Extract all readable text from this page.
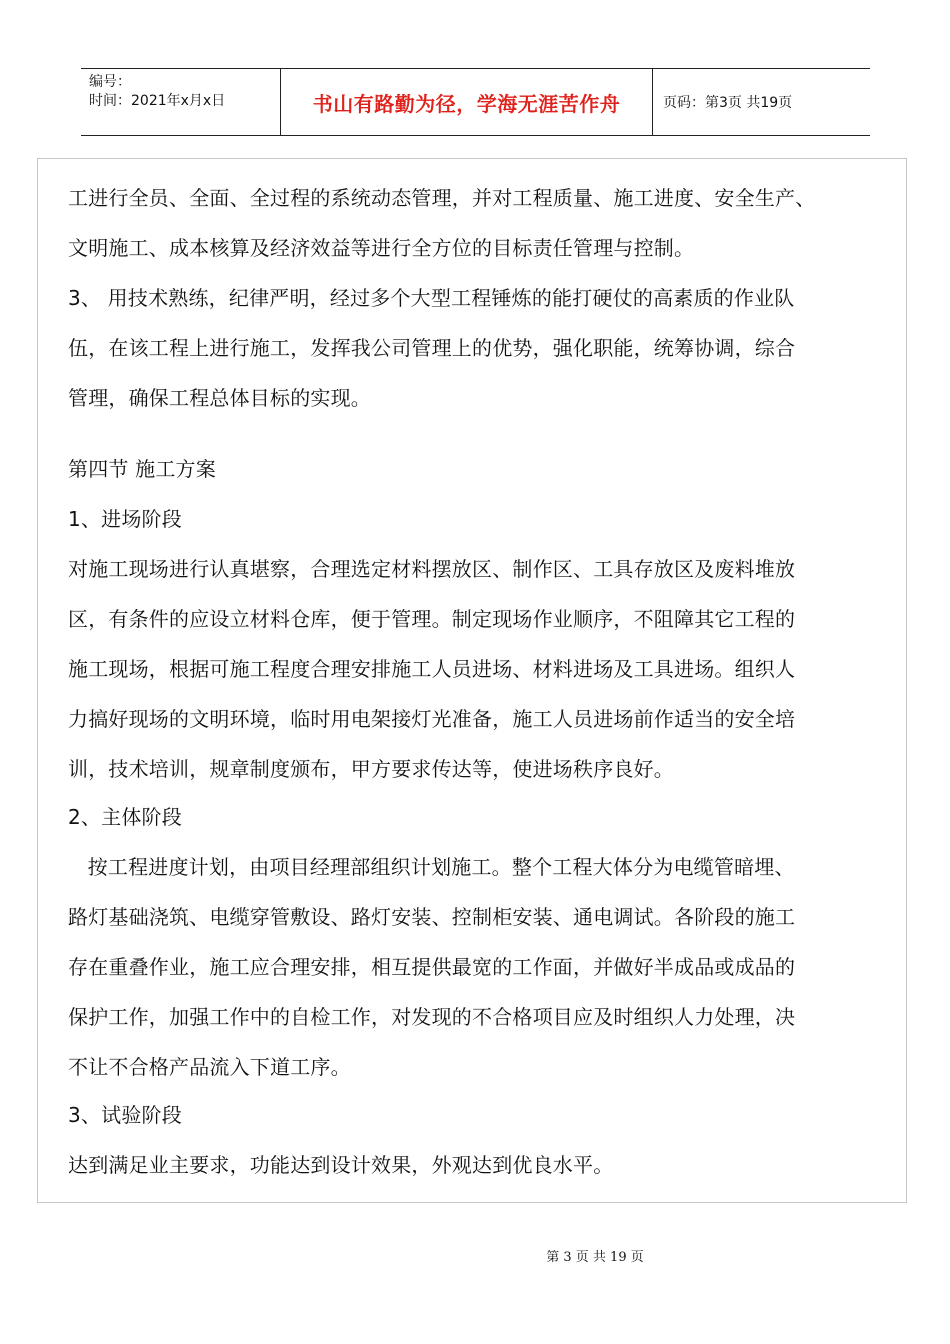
编号：
时间：2021年x月x日	书山有路勤为径，学海无涯苦作舟	页码：第3页 共19页
工进行全员、全面、全过程的系统动态管理，并对工程质量、施工进度、安全生产、
文明施工、成本核算及经济效益等进行全方位的目标责任管理与控制。
3、 用技术熟练，纪律严明，经过多个大型工程锤炼的能打硬仗的高素质的作业队
伍，在该工程上进行施工，发挥我公司管理上的优势，强化职能，统筹协调，综合
管理，确保工程总体目标的实现。
第四节 施工方案
1、进场阶段
对施工现场进行认真堪察，合理选定材料摆放区、制作区、工具存放区及废料堆放
区，有条件的应设立材料仓库，便于管理。制定现场作业顺序，不阻障其它工程的
施工现场，根据可施工程度合理安排施工人员进场、材料进场及工具进场。组织人
力搞好现场的文明环境，临时用电架接灯光准备，施工人员进场前作适当的安全培
训，技术培训，规章制度颁布，甲方要求传达等，使进场秩序良好。
2、主体阶段
按工程进度计划，由项目经理部组织计划施工。整个工程大体分为电缆管暗埋、
路灯基础浇筑、电缆穿管敷设、路灯安装、控制柜安装、通电调试。各阶段的施工
存在重叠作业，施工应合理安排，相互提供最宽的工作面，并做好半成品或成品的
保护工作，加强工作中的自检工作，对发现的不合格项目应及时组织人力处理，决
不让不合格产品流入下道工序。
3、试验阶段
达到满足业主要求，功能达到设计效果，外观达到优良水平。
第 3 页 共 19 页
